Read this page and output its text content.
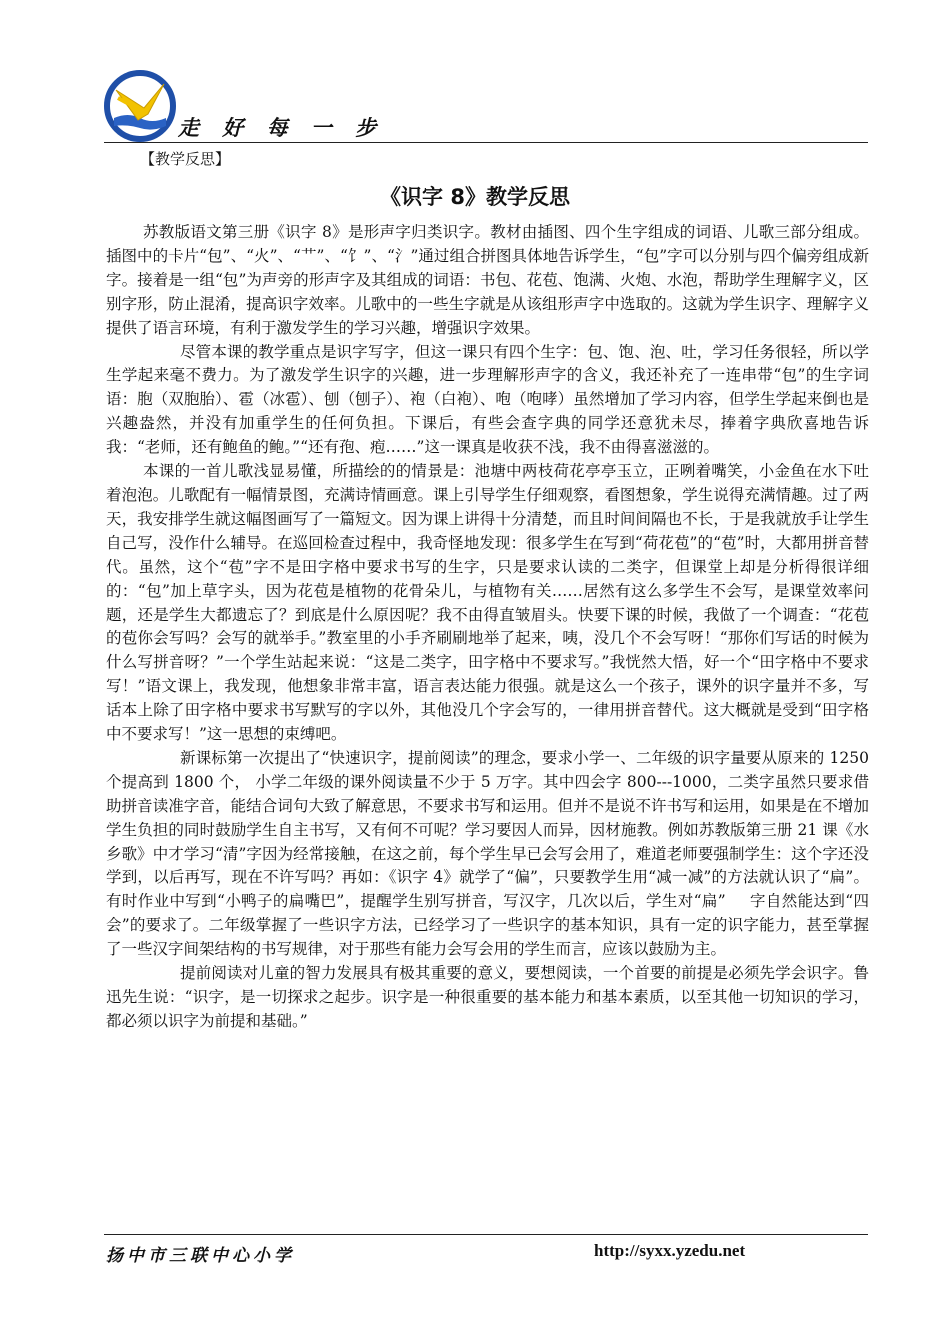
走 好 每 一 步
【教学反思】
《识字 8》教学反思

苏教版语文第三册《识字 8》是形声字归类识字。教材由插图、四个生字组成的词语、儿歌三部分组成。插图中的卡片“包”、“火”、“艹”、“饣”、“氵”通过组合拼图具体地告诉学生，“包”字可以分别与四个偏旁组成新字。接着是一组“包”为声旁的形声字及其组成的词语：书包、花苞、饱满、火炮、水泡，帮助学生理解字义，区别字形，防止混淆，提高识字效率。儿歌中的一些生字就是从该组形声字中选取的。这就为学生识字、理解字义提供了语言环境，有利于激发学生的学习兴趣，增强识字效果。

尽管本课的教学重点是识字写字，但这一课只有四个生字：包、饱、泡、吐，学习任务很轻，所以学生学起来毫不费力。为了激发学生识字的兴趣，进一步理解形声字的含义，我还补充了一连串带“包”的生字词语：胞（双胞胎）、雹（冰雹）、刨（刨子）、袍（白袍）、咆（咆哮）虽然增加了学习内容，但学生学起来倒也是兴趣盎然，并没有加重学生的任何负担。下课后，有些会查字典的同学还意犹未尽，捧着字典欣喜地告诉我：“老师，还有鲍鱼的鲍。”“还有孢、疱……”这一课真是收获不浅，我不由得喜滋滋的。

本课的一首儿歌浅显易懂，所描绘的的情景是：池塘中两枝荷花亭亭玉立，正咧着嘴笑，小金鱼在水下吐着泡泡。儿歌配有一幅情景图，充满诗情画意。课上引导学生仔细观察，看图想象，学生说得充满情趣。过了两天，我安排学生就这幅图画写了一篇短文。因为课上讲得十分清楚，而且时间间隔也不长，于是我就放手让学生自己写，没作什么辅导。在巡回检查过程中，我奇怪地发现：很多学生在写到“荷花苞”的“苞”时，大都用拼音替代。虽然，这个“苞”字不是田字格中要求书写的生字，只是要求认读的二类字，但课堂上却是分析得很详细的：“包”加上草字头，因为花苞是植物的花骨朵儿，与植物有关……居然有这么多学生不会写，是课堂效率问题，还是学生大都遗忘了？到底是什么原因呢？我不由得直皱眉头。快要下课的时候，我做了一个调查：“花苞的苞你会写吗？会写的就举手。”教室里的小手齐刷刷地举了起来，咦，没几个不会写呀！“那你们写话的时候为什么写拼音呀？”一个学生站起来说：“这是二类字，田字格中不要求写。”我恍然大悟，好一个“田字格中不要求写！”语文课上，我发现，他想象非常丰富，语言表达能力很强。就是这么一个孩子，课外的识字量并不多，写话本上除了田字格中要求书写默写的字以外，其他没几个字会写的，一律用拼音替代。这大概就是受到“田字格中不要求写！”这一思想的束缚吧。

新课标第一次提出了“快速识字，提前阅读”的理念，要求小学一、二年级的识字量要从原来的 1250 个提高到 1800 个， 小学二年级的课外阅读量不少于 5 万字。其中四会字 800---1000，二类字虽然只要求借助拼音读准字音，能结合词句大致了解意思，不要求书写和运用。但并不是说不许书写和运用，如果是在不增加学生负担的同时鼓励学生自主书写，又有何不可呢？学习要因人而异，因材施教。例如苏教版第三册 21 课《水乡歌》中才学习“清”字因为经常接触，在这之前，每个学生早已会写会用了，难道老师要强制学生：这个字还没学到，以后再写，现在不许写吗？再如：《识字 4》就学了“偏”，只要教学生用“减一减”的方法就认识了“扁”。有时作业中写到“小鸭子的扁嘴巴”，提醒学生别写拼音，写汉字，几次以后，学生对“扁” 字自然能达到“四会”的要求了。二年级掌握了一些识字方法，已经学习了一些识字的基本知识，具有一定的识字能力，甚至掌握了一些汉字间架结构的书写规律，对于那些有能力会写会用的学生而言，应该以鼓励为主。

提前阅读对儿童的智力发展具有极其重要的意义，要想阅读，一个首要的前提是必须先学会识字。鲁迅先生说：“识字，是一切探求之起步。识字是一种很重要的基本能力和基本素质，以至其他一切知识的学习，都必须以识字为前提和基础。”

扬中市三联中心小学	http://syxx.yzedu.net
